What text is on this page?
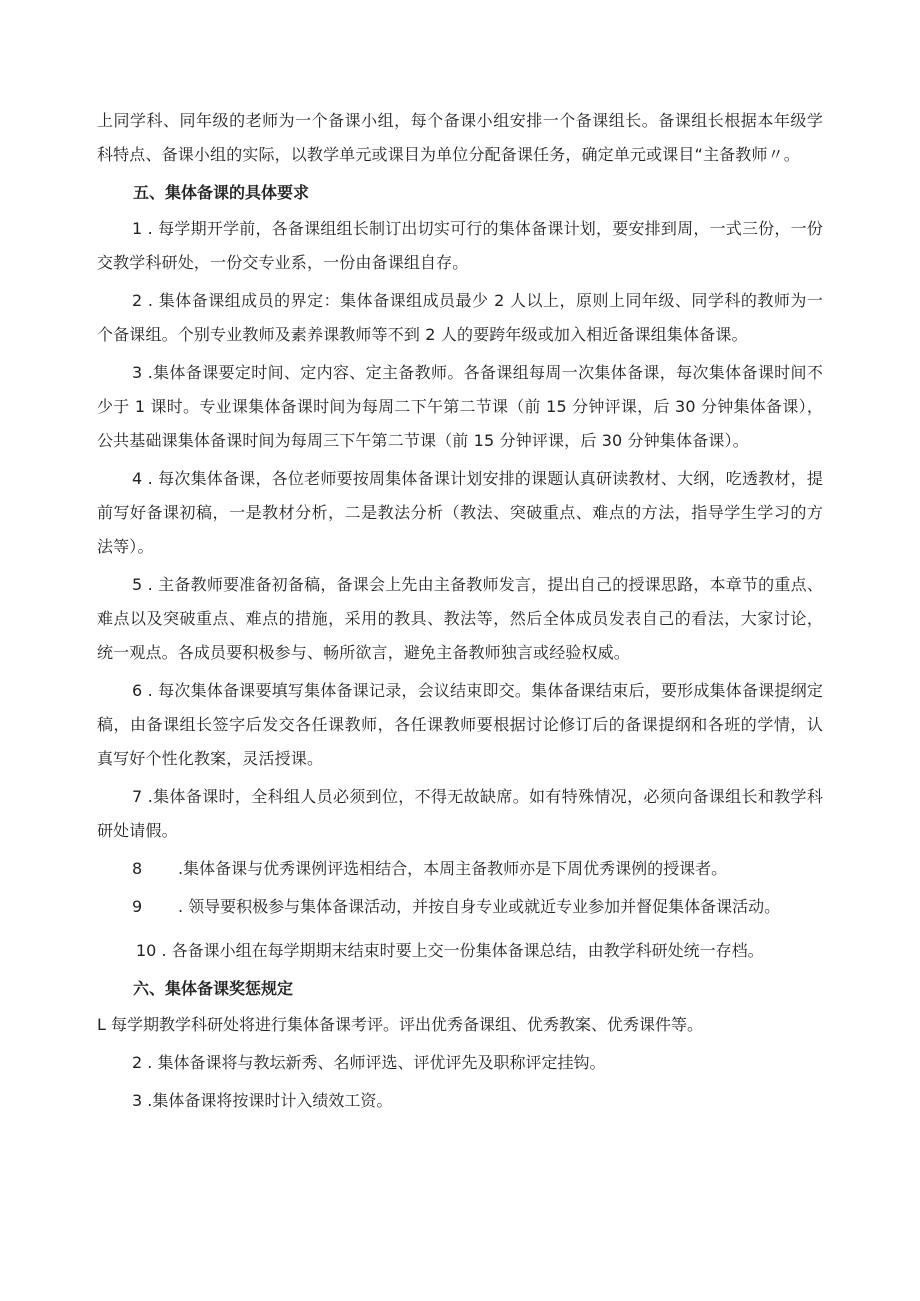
上同学科、同年级的老师为一个备课小组，每个备课小组安排一个备课组长。备课组长根据本年级学科特点、备课小组的实际，以教学单元或课目为单位分配备课任务，确定单元或课目“主备教师〃。

五、集体备课的具体要求

1 . 每学期开学前，各备课组组长制订出切实可行的集体备课计划，要安排到周，一式三份，一份交教学科研处，一份交专业系，一份由备课组自存。

2 . 集体备课组成员的界定：集体备课组成员最少 2 人以上，原则上同年级、同学科的教师为一个备课组。个别专业教师及素养课教师等不到 2 人的要跨年级或加入相近备课组集体备课。

3 .集体备课要定时间、定内容、定主备教师。各备课组每周一次集体备课，每次集体备课时间不少于 1 课时。专业课集体备课时间为每周二下午第二节课（前 15 分钟评课，后 30 分钟集体备课），公共基础课集体备课时间为每周三下午第二节课（前 15 分钟评课，后 30 分钟集体备课）。

4 . 每次集体备课，各位老师要按周集体备课计划安排的课题认真研读教材、大纲，吃透教材，提前写好备课初稿，一是教材分析，二是教法分析（教法、突破重点、难点的方法，指导学生学习的方法等）。

5 . 主备教师要准备初备稿，备课会上先由主备教师发言，提出自己的授课思路，本章节的重点、难点以及突破重点、难点的措施，采用的教具、教法等，然后全体成员发表自己的看法，大家讨论，统一观点。各成员要积极参与、畅所欲言，避免主备教师独言或经验权威。

6 . 每次集体备课要填写集体备课记录，会议结束即交。集体备课结束后，要形成集体备课提纲定稿，由备课组长签字后发交各任课教师，各任课教师要根据讨论修订后的备课提纲和各班的学情，认真写好个性化教案，灵活授课。

7 .集体备课时，全科组人员必须到位，不得无故缺席。如有特殊情况，必须向备课组长和教学科研处请假。

8 .集体备课与优秀课例评选相结合，本周主备教师亦是下周优秀课例的授课者。
9 . 领导要积极参与集体备课活动，并按自身专业或就近专业参加并督促集体备课活动。
10 . 各备课小组在每学期期末结束时要上交一份集体备课总结，由教学科研处统一存档。
六、集体备课奖惩规定
L 每学期教学科研处将进行集体备课考评。评出优秀备课组、优秀教案、优秀课件等。
2 . 集体备课将与教坛新秀、名师评选、评优评先及职称评定挂钩。
3 .集体备课将按课时计入绩效工资。
